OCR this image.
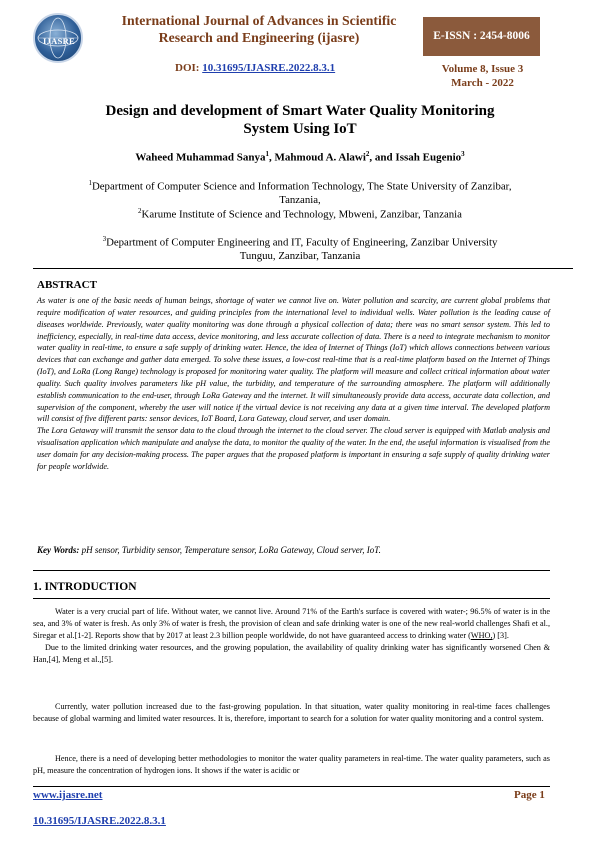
IJASRE
International Journal of Advances in Scientific
Research and Engineering (ijasre)	E-ISSN : 2454-8006
DOI: 10.31695/IJASRE.2022.8.3.1	Volume 8, Issue 3
March - 2022
Design and development of Smart Water Quality Monitoring
System Using IoT
Waheed Muhammad Sanya$^1$, Mahmoud A. Alawi$^2$, and Issah Eugenio$^3$
$^1$Department of Computer Science and Information Technology, The State University of Zanzibar,
Tanzania,
$^2$Karume Institute of Science and Technology, Mbweni, Zanzibar, Tanzania
$^3$Department of Computer Engineering and IT, Faculty of Engineering, Zanzibar University
Tunguu, Zanzibar, Tanzania
ABSTRACT

As water is one of the basic needs of human beings, shortage of water we cannot live on. Water pollution and scarcity, are current global problems that require modification of water resources, and guiding principles from the international level to individual wells. Water pollution is the leading cause of diseases worldwide. Previously, water quality monitoring was done through a physical collection of data; there was no smart sensor system. This led to inefficiency, especially, in real-time data access, device monitoring, and less accurate collection of data. There is a need to integrate mechanism to monitor water quality in real-time, to ensure a safe supply of drinking water. Hence, the idea of Internet of Things (IoT) which allows connections between various devices that can exchange and gather data emerged. To solve these issues, a low-cost real-time that is a real-time platform based on the Internet of Things (IoT), and LoRa (Long Range) technology is proposed for monitoring water quality. The platform will measure and collect critical information about water quality. Such quality involves parameters like pH value, the turbidity, and temperature of the surrounding atmosphere. The platform will additionally establish communication to the end-user, through LoRa Gateway and the internet. It will simultaneously provide data access, accurate data collection, and supervision of the component, whereby the user will notice if the virtual device is not receiving any data at a given time interval. The developed platform will consist of five different parts: sensor devices, IoT Board, Lora Gateway, cloud server, and user domain.

The Lora Getaway will transmit the sensor data to the cloud through the internet to the cloud server. The cloud server is equipped with Matlab analysis and visualisation application which manipulate and analyse the data, to monitor the quality of the water. In the end, the useful information is visualised from the user domain for any decision-making process. The paper argues that the proposed platform is important in ensuring a safe supply of quality drinking water for people worldwide.

Key Words: pH sensor, Turbidity sensor, Temperature sensor, LoRa Gateway, Cloud server, IoT.
1. INTRODUCTION

Water is a very crucial part of life. Without water, we cannot live. Around 71% of the Earth's surface is covered with water-; 96.5% of water is in the sea, and 3% of water is fresh. As only 3% of water is fresh, the provision of clean and safe drinking water is one of the new real-world challenges Shafi et al., Siregar et al.[1-2]. Reports show that by 2017 at least 2.3 billion people worldwide, do not have guaranteed access to drinking water (WHO,) [3].

Due to the limited drinking water resources, and the growing population, the availability of quality drinking water has significantly worsened Chen & Han,[4], Meng et al.,[5].

Currently, water pollution increased due to the fast-growing population. In that situation, water quality monitoring in real-time faces challenges because of global warming and limited water resources. It is, therefore, important to search for a solution for water quality monitoring and a control system.

Hence, there is a need of developing better methodologies to monitor the water quality parameters in real-time. The water quality parameters, such as pH, measure the concentration of hydrogen ions. It shows if the water is acidic or

www.ijasre.net	Page 1
10.31695/IJASRE.2022.8.3.1
